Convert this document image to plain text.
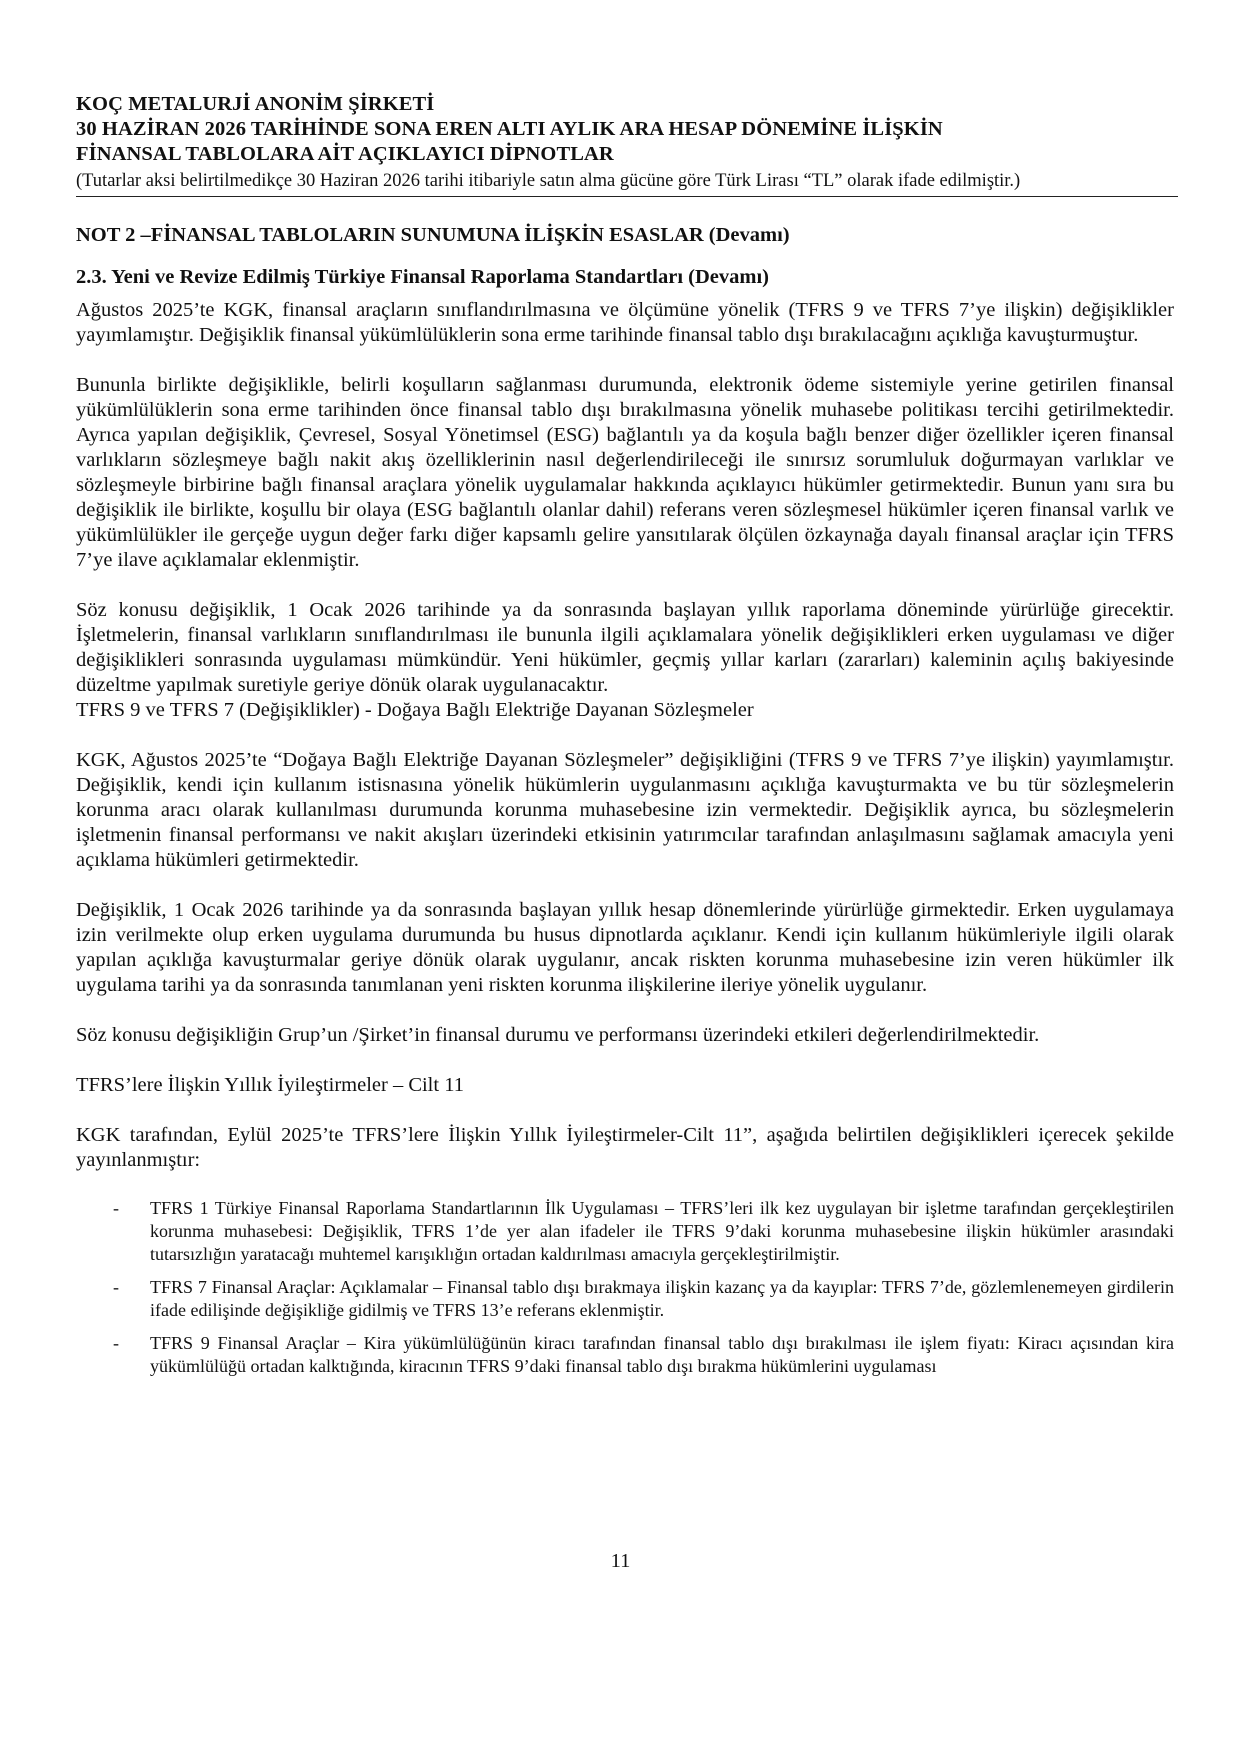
KOÇ METALURJİ ANONİM ŞİRKETİ
30 HAZİRAN 2026 TARİHİNDE SONA EREN ALTI AYLIK ARA HESAP DÖNEMİNE İLİŞKİN
FİNANSAL TABLOLARA AİT AÇIKLAYICI DİPNOTLAR
(Tutarlar aksi belirtilmedikçe 30 Haziran 2026 tarihi itibariyle satın alma gücüne göre Türk Lirası “TL” olarak ifade edilmiştir.)
NOT 2 –FİNANSAL TABLOLARIN SUNUMUNA İLİŞKİN ESASLAR (Devamı)
2.3. Yeni ve Revize Edilmiş Türkiye Finansal Raporlama Standartları (Devamı)

Ağustos 2025’te KGK, finansal araçların sınıflandırılmasına ve ölçümüne yönelik (TFRS 9 ve TFRS 7’ye ilişkin) değişiklikler yayımlamıştır. Değişiklik finansal yükümlülüklerin sona erme tarihinde finansal tablo dışı bırakılacağını açıklığa kavuşturmuştur.

Bununla birlikte değişiklikle, belirli koşulların sağlanması durumunda, elektronik ödeme sistemiyle yerine getirilen finansal yükümlülüklerin sona erme tarihinden önce finansal tablo dışı bırakılmasına yönelik muhasebe politikası tercihi getirilmektedir. Ayrıca yapılan değişiklik, Çevresel, Sosyal Yönetimsel (ESG) bağlantılı ya da koşula bağlı benzer diğer özellikler içeren finansal varlıkların sözleşmeye bağlı nakit akış özelliklerinin nasıl değerlendirileceği ile sınırsız sorumluluk doğurmayan varlıklar ve sözleşmeyle birbirine bağlı finansal araçlara yönelik uygulamalar hakkında açıklayıcı hükümler getirmektedir. Bunun yanı sıra bu değişiklik ile birlikte, koşullu bir olaya (ESG bağlantılı olanlar dahil) referans veren sözleşmesel hükümler içeren finansal varlık ve yükümlülükler ile gerçeğe uygun değer farkı diğer kapsamlı gelire yansıtılarak ölçülen özkaynağa dayalı finansal araçlar için TFRS 7’ye ilave açıklamalar eklenmiştir.

Söz konusu değişiklik, 1 Ocak 2026 tarihinde ya da sonrasında başlayan yıllık raporlama döneminde yürürlüğe girecektir. İşletmelerin, finansal varlıkların sınıflandırılması ile bununla ilgili açıklamalara yönelik değişiklikleri erken uygulaması ve diğer değişiklikleri sonrasında uygulaması mümkündür. Yeni hükümler, geçmiş yıllar karları (zararları) kaleminin açılış bakiyesinde düzeltme yapılmak suretiyle geriye dönük olarak uygulanacaktır.

TFRS 9 ve TFRS 7 (Değişiklikler) - Doğaya Bağlı Elektriğe Dayanan Sözleşmeler

KGK, Ağustos 2025’te “Doğaya Bağlı Elektriğe Dayanan Sözleşmeler” değişikliğini (TFRS 9 ve TFRS 7’ye ilişkin) yayımlamıştır. Değişiklik, kendi için kullanım istisnasına yönelik hükümlerin uygulanmasını açıklığa kavuşturmakta ve bu tür sözleşmelerin korunma aracı olarak kullanılması durumunda korunma muhasebesine izin vermektedir. Değişiklik ayrıca, bu sözleşmelerin işletmenin finansal performansı ve nakit akışları üzerindeki etkisinin yatırımcılar tarafından anlaşılmasını sağlamak amacıyla yeni açıklama hükümleri getirmektedir.

Değişiklik, 1 Ocak 2026 tarihinde ya da sonrasında başlayan yıllık hesap dönemlerinde yürürlüğe girmektedir. Erken uygulamaya izin verilmekte olup erken uygulama durumunda bu husus dipnotlarda açıklanır. Kendi için kullanım hükümleriyle ilgili olarak yapılan açıklığa kavuşturmalar geriye dönük olarak uygulanır, ancak riskten korunma muhasebesine izin veren hükümler ilk uygulama tarihi ya da sonrasında tanımlanan yeni riskten korunma ilişkilerine ileriye yönelik uygulanır.

Söz konusu değişikliğin Grup’un /Şirket’in finansal durumu ve performansı üzerindeki etkileri değerlendirilmektedir.

TFRS’lere İlişkin Yıllık İyileştirmeler – Cilt 11

KGK tarafından, Eylül 2025’te TFRS’lere İlişkin Yıllık İyileştirmeler-Cilt 11”, aşağıda belirtilen değişiklikleri içerecek şekilde yayınlanmıştır:

- TFRS 1 Türkiye Finansal Raporlama Standartlarının İlk Uygulaması – TFRS’leri ilk kez uygulayan bir işletme tarafından gerçekleştirilen korunma muhasebesi: Değişiklik, TFRS 1’de yer alan ifadeler ile TFRS 9’daki korunma muhasebesine ilişkin hükümler arasındaki tutarsızlığın yaratacağı muhtemel karışıklığın ortadan kaldırılması amacıyla gerçekleştirilmiştir.
- TFRS 7 Finansal Araçlar: Açıklamalar – Finansal tablo dışı bırakmaya ilişkin kazanç ya da kayıplar: TFRS 7’de, gözlemlenemeyen girdilerin ifade edilişinde değişikliğe gidilmiş ve TFRS 13’e referans eklenmiştir.
- TFRS 9 Finansal Araçlar – Kira yükümlülüğünün kiracı tarafından finansal tablo dışı bırakılması ile işlem fiyatı: Kiracı açısından kira yükümlülüğü ortadan kalktığında, kiracının TFRS 9’daki finansal tablo dışı bırakma hükümlerini uygulaması
11
